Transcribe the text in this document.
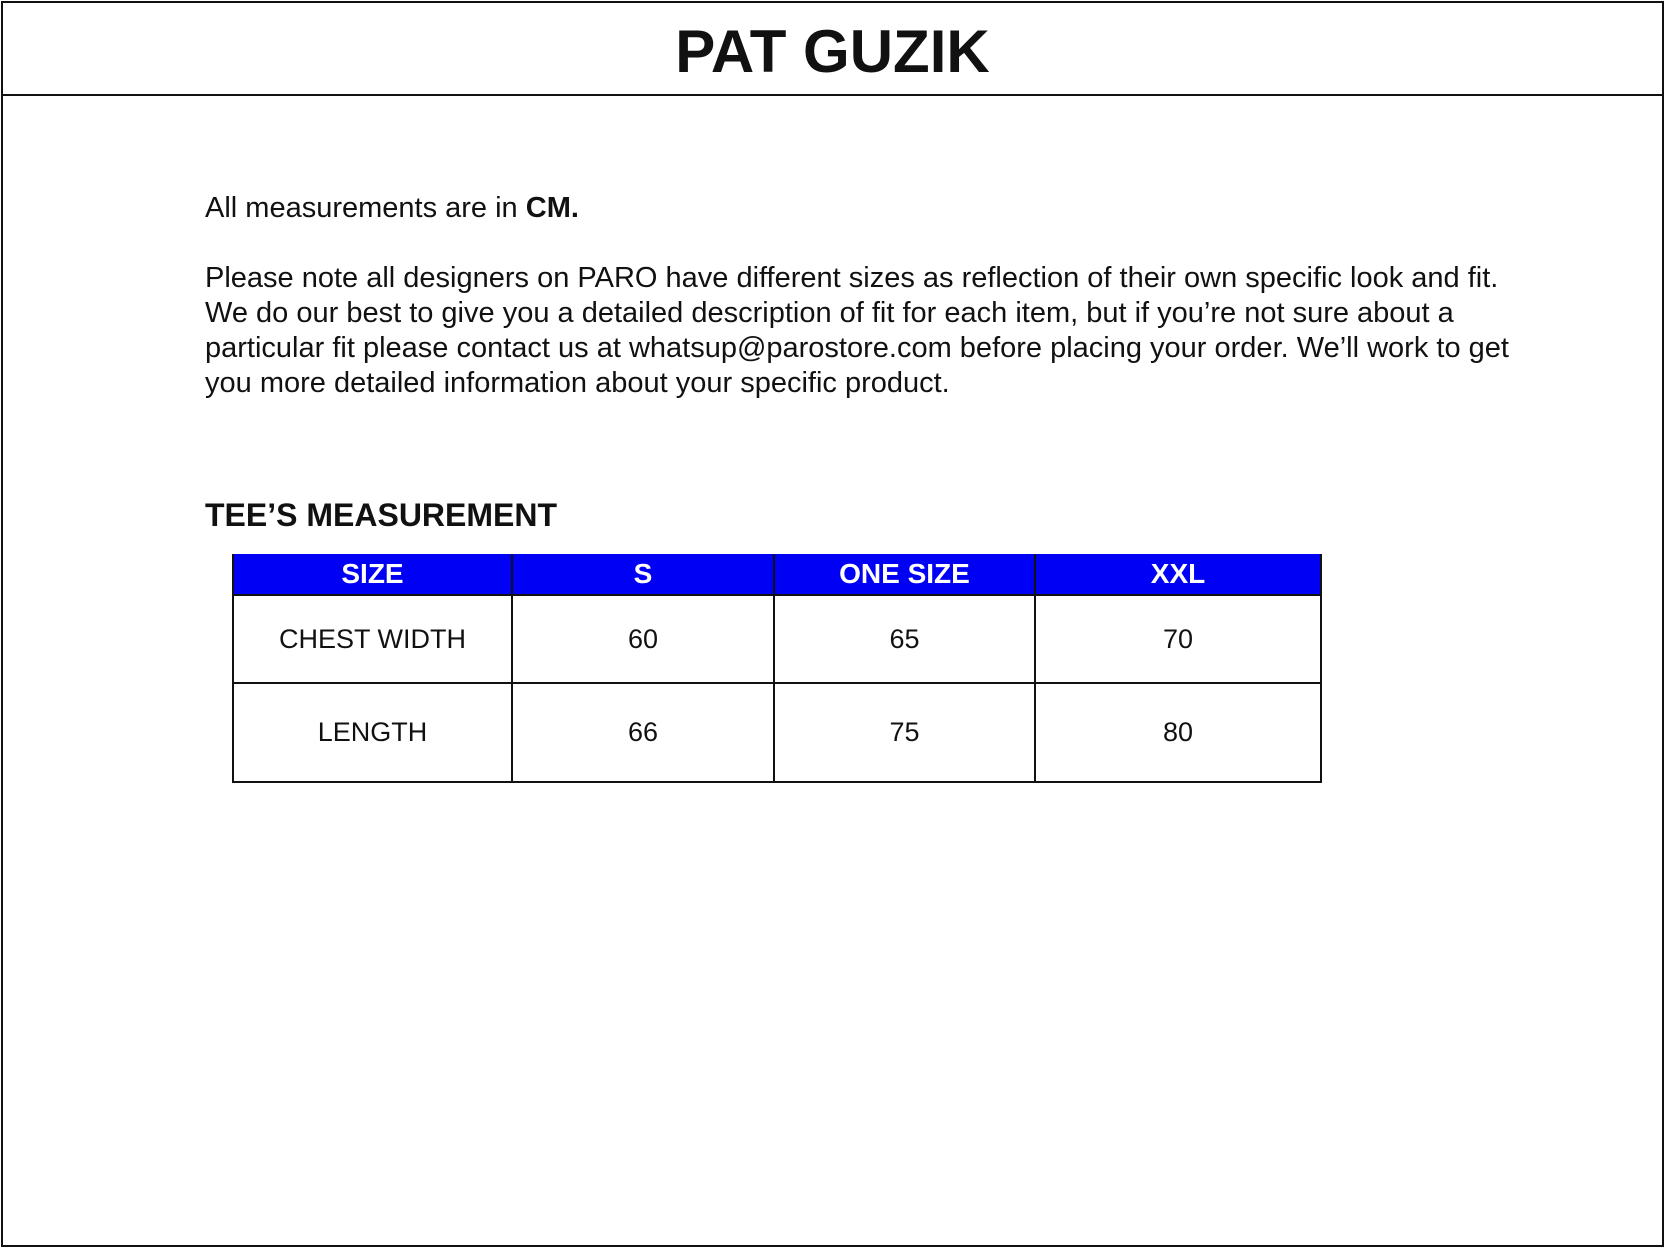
PAT GUZIK

All measurements are in CM.

Please note all designers on PARO have different sizes as reflection of their own specific look and fit. We do our best to give you a detailed description of fit for each item, but if you’re not sure about a particular fit please contact us at whatsup@parostore.com before placing your order. We’ll work to get you more detailed information about your specific product.

TEE’S MEASUREMENT
SIZE	S	ONE SIZE	XXL
CHEST WIDTH	60	65	70
LENGTH	66	75	80
